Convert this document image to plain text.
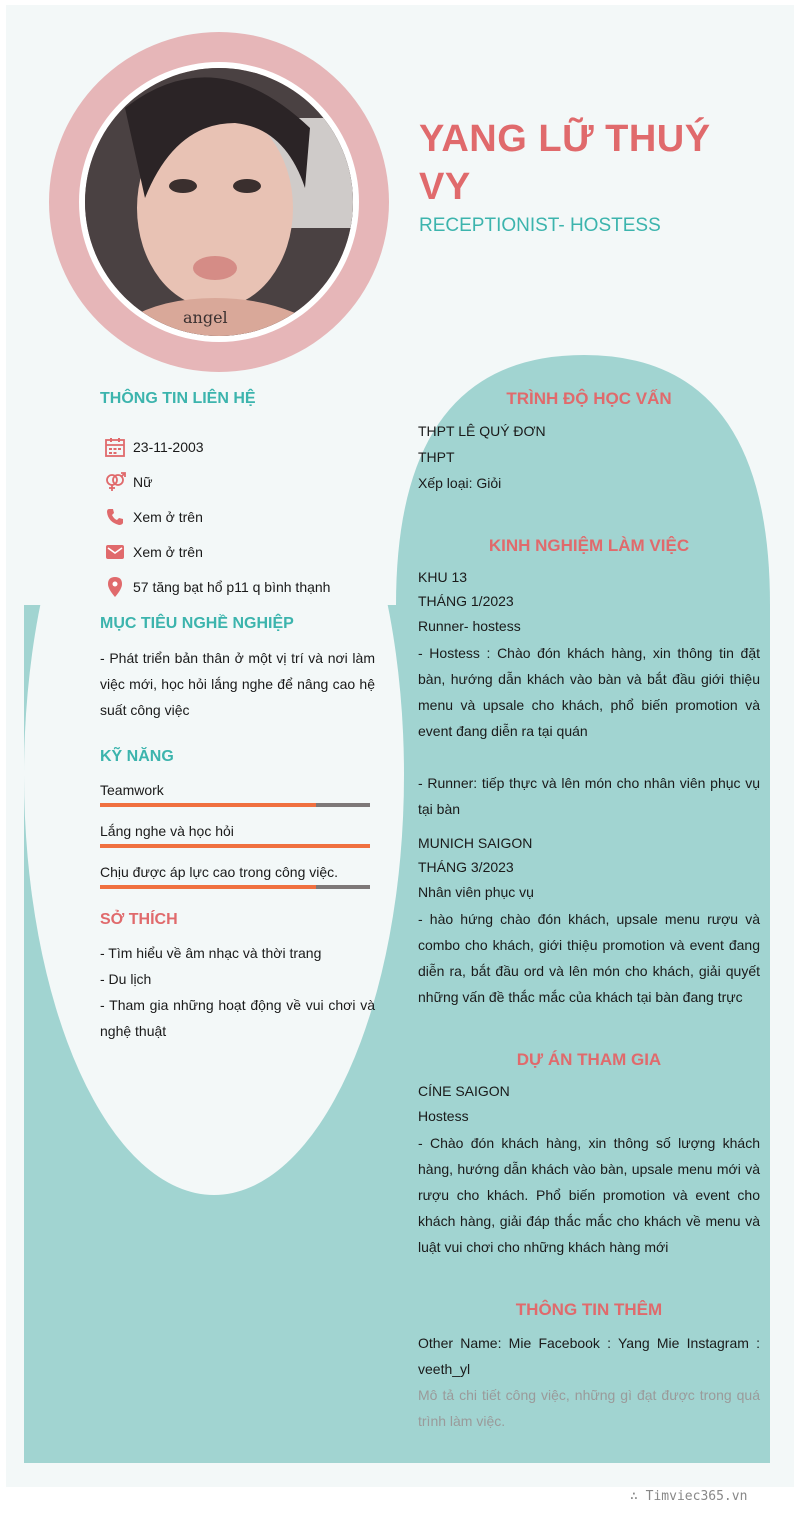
angel
YANG LỮ THUÝ VY
RECEPTIONIST- HOSTESS
THÔNG TIN LIÊN HỆ
23-11-2003
Nữ
Xem ở trên
Xem ở trên
57 tăng bạt hổ p11 q bình thạnh
MỤC TIÊU NGHỀ NGHIỆP
- Phát triển bản thân ở một vị trí và nơi làm việc mới, học hỏi lắng nghe để nâng cao hệ suất công việc
KỸ NĂNG
Teamwork
Lắng nghe và học hỏi
Chịu được áp lực cao trong công việc.
SỞ THÍCH
- Tìm hiểu về âm nhạc và thời trang
- Du lịch
- Tham gia những hoạt động về vui chơi và nghệ thuật
TRÌNH ĐỘ HỌC VẤN
THPT LÊ QUÝ ĐƠN
THPT
Xếp loại: Giỏi
KINH NGHIỆM LÀM VIỆC
KHU 13
THÁNG 1/2023
Runner- hostess
- Hostess : Chào đón khách hàng, xin thông tin đặt bàn, hướng dẫn khách vào bàn và bắt đầu giới thiệu menu và upsale cho khách, phổ biến promotion và event đang diễn ra tại quán
- Runner: tiếp thực và lên món cho nhân viên phục vụ tại bàn
MUNICH SAIGON
THÁNG 3/2023
Nhân viên phục vụ
- hào hứng chào đón khách, upsale menu rượu và combo cho khách, giới thiệu promotion và event đang diễn ra, bắt đầu ord và lên món cho khách, giải quyết những vấn đề thắc mắc của khách tại bàn đang trực
DỰ ÁN THAM GIA
CÍNE SAIGON
Hostess
- Chào đón khách hàng, xin thông số lượng khách hàng, hướng dẫn khách vào bàn, upsale menu mới và rượu cho khách. Phổ biến promotion và event cho khách hàng, giải đáp thắc mắc cho khách về menu và luật vui chơi cho những khách hàng mới
THÔNG TIN THÊM
Other Name: Mie Facebook : Yang Mie Instagram : veeth_yl
Mô tả chi tiết công việc, những gì đạt được trong quá trình làm việc.
∴ Timviec365.vn
